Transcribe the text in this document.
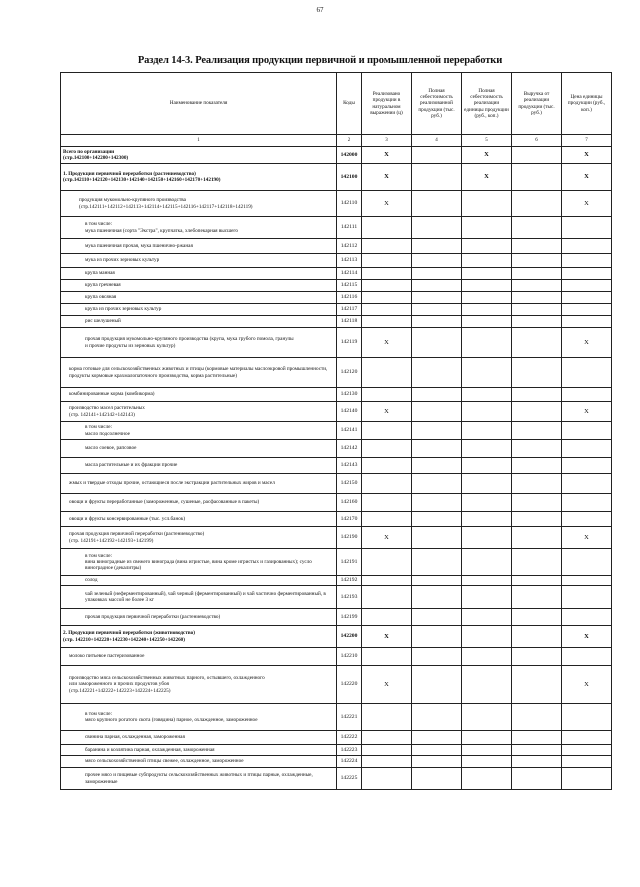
67
Раздел 14-3. Реализация продукции первичной и промышленной переработки
Наименование показателя	Коды	Реализовано продукции в натуральном выражении (ц)	Полная себестоимость реализованной продукции (тыс. руб.)	Полная себестоимость реализации единицы продукции (руб., коп.)	Выручка от реализации продукции (тыс. руб.)	Цена единицы продукции (руб., коп.)
1	2	3	4	5	6	7
Всего по организации
(стр.142100+142200+142300)	142000	X		X		X
1. Продукция первичной переработки (растениеводство)
(стр.142110+142120+142130+142140+142150+142160+142170+142190)	142100	X		X		X
продукция мукомольно-крупяного производства
(стр.142111+142112+142113+142114+142115+142116+142117+142118+142119)	142110	X				X
в том числе:
мука пшеничная (сорта "Экстра", крупчатка, хлебопекарная высшего	142111					
мука пшеничная прочая, мука пшенично-ржаная	142112					
мука из прочих зерновых культур	142113					
крупа манная	142114					
крупа гречневая	142115					
крупа овсяная	142116					
крупа из прочих зерновых культур	142117					
рис шелушеный	142118					
прочая продукция мукомольно-крупяного производства (крупа, мука грубого помола, гранулы
и прочие продукты из зерновых культур)	142119	X				X
корма готовые для сельскохозяйственных животных и птицы (кормовые материалы маслоэкровой промышленности, продукты кормовые крахмалопаточного производства, корма растительные)	142120					
комбинированные корма (комбикорма)	142130					
производство масел растительных
(стр. 142141+142142+142143)	142140	X				X
в том числе:
масло подсолнечное	142141					
масло соевое, рапсовое	142142					
масла растительные и их фракции прочие	142143					
жмых и твердые отходы прочие, остающиеся после экстракции растительных жиров и масел	142150					
овощи и фрукты переработанные (замороженные, сушеные, расфасованные в пакеты)	142160					
овощи и фрукты консервированные (тыс. усл.банок)	142170					
прочая продукция первичной переработки (растениеводство)
(стр. 142191+142192+142193+142199)	142190	X				X
в том числе:
вина виноградные из свежего винограда (вина игристые, вина кроме игристых и газированных); сусло виноградное (декалитры)	142191					
солод	142192					
чай зеленый (неферментированный), чай черный (ферментированный) и чай частично ферментированный, в упаковках массой не более 3 кг	142193					
прочая продукция первичной переработки (растениеводство)	142199					
2. Продукция первичной переработки (животноводство)
(стр. 142210+142220+142230+142240+142250+142260)	142200	X				X
молоко питьевое пастеризованное	142210					
производство мяса сельскохозяйственных животных парного, остывшего, охлажденного
или замороженного и прочих продуктов убоя
(стр.142221+142222+142223+142224+142225)	142220	X				X
в том числе:
мясо крупного рогатого скота (говядина) парное, охлажденное, замороженное	142221					
свинина парная, охлажденная, замороженная	142222					
баранина и козлятина парная, охлажденная, замороженная	142223					
мясо сельскохозяйственной птицы свежее, охлажденное, замороженное	142224					
прочее мясо и пищевые субпродукты сельскохозяйственных животных и птицы парные, охлажденные, замороженные	142225					
